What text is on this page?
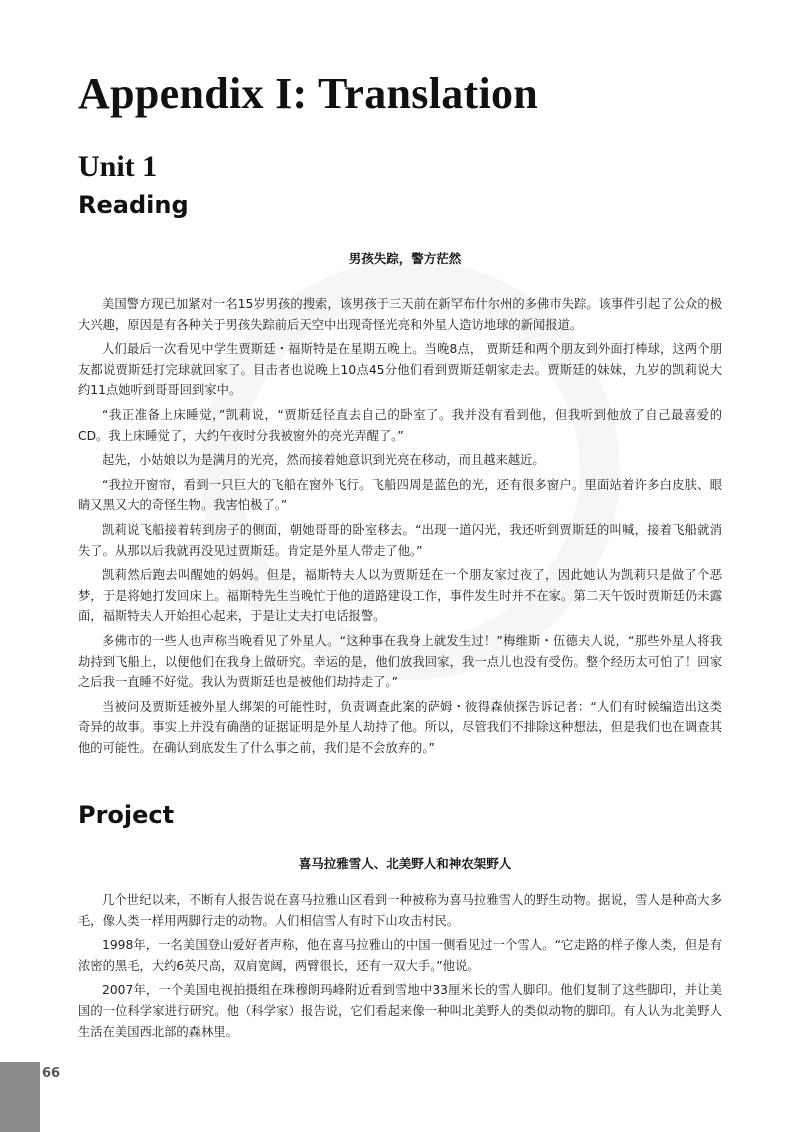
Appendix I: Translation
Unit 1
Reading
男孩失踪，警方茫然

美国警方现已加紧对一名15岁男孩的搜索，该男孩于三天前在新罕布什尔州的多佛市失踪。该事件引起了公众的极大兴趣，原因是有各种关于男孩失踪前后天空中出现奇怪光亮和外星人造访地球的新闻报道。

人们最后一次看见中学生贾斯廷・福斯特是在星期五晚上。当晚8点， 贾斯廷和两个朋友到外面打棒球，这两个朋友都说贾斯廷打完球就回家了。目击者也说晚上10点45分他们看到贾斯廷朝家走去。贾斯廷的妹妹，九岁的凯莉说大约11点她听到哥哥回到家中。

“我正准备上床睡觉，”凯莉说，“贾斯廷径直去自己的卧室了。我并没有看到他，但我听到他放了自己最喜爱的CD。我上床睡觉了，大约午夜时分我被窗外的亮光弄醒了。”

起先，小姑娘以为是满月的光亮，然而接着她意识到光亮在移动，而且越来越近。

“我拉开窗帘，看到一只巨大的飞船在窗外飞行。飞船四周是蓝色的光，还有很多窗户。里面站着许多白皮肤、眼睛又黑又大的奇怪生物。我害怕极了。”

凯莉说飞船接着转到房子的侧面，朝她哥哥的卧室移去。“出现一道闪光，我还听到贾斯廷的叫喊，接着飞船就消失了。从那以后我就再没见过贾斯廷。肯定是外星人带走了他。”

凯莉然后跑去叫醒她的妈妈。但是，福斯特夫人以为贾斯廷在一个朋友家过夜了，因此她认为凯莉只是做了个恶梦，于是将她打发回床上。福斯特先生当晚忙于他的道路建设工作，事件发生时并不在家。第二天午饭时贾斯廷仍未露面，福斯特夫人开始担心起来，于是让丈夫打电话报警。

多佛市的一些人也声称当晚看见了外星人。“这种事在我身上就发生过！”梅维斯・伍德夫人说，“那些外星人将我劫持到飞船上，以便他们在我身上做研究。幸运的是，他们放我回家，我一点儿也没有受伤。整个经历太可怕了！回家之后我一直睡不好觉。我认为贾斯廷也是被他们劫持走了。”

当被问及贾斯廷被外星人绑架的可能性时，负责调查此案的萨姆・彼得森侦探告诉记者：“人们有时候编造出这类奇异的故事。事实上并没有确凿的证据证明是外星人劫持了他。所以，尽管我们不排除这种想法，但是我们也在调查其他的可能性。在确认到底发生了什么事之前，我们是不会放弃的。”

Project
喜马拉雅雪人、北美野人和神农架野人

几个世纪以来，不断有人报告说在喜马拉雅山区看到一种被称为喜马拉雅雪人的野生动物。据说，雪人是种高大多毛，像人类一样用两脚行走的动物。人们相信雪人有时下山攻击村民。

1998年，一名美国登山爱好者声称，他在喜马拉雅山的中国一侧看见过一个雪人。“它走路的样子像人类，但是有浓密的黑毛，大约6英尺高，双肩宽阔，两臂很长，还有一双大手。”他说。

2007年，一个美国电视拍摄组在珠穆朗玛峰附近看到雪地中33厘米长的雪人脚印。他们复制了这些脚印，并让美国的一位科学家进行研究。他（科学家）报告说，它们看起来像一种叫北美野人的类似动物的脚印。有人认为北美野人生活在美国西北部的森林里。

66
